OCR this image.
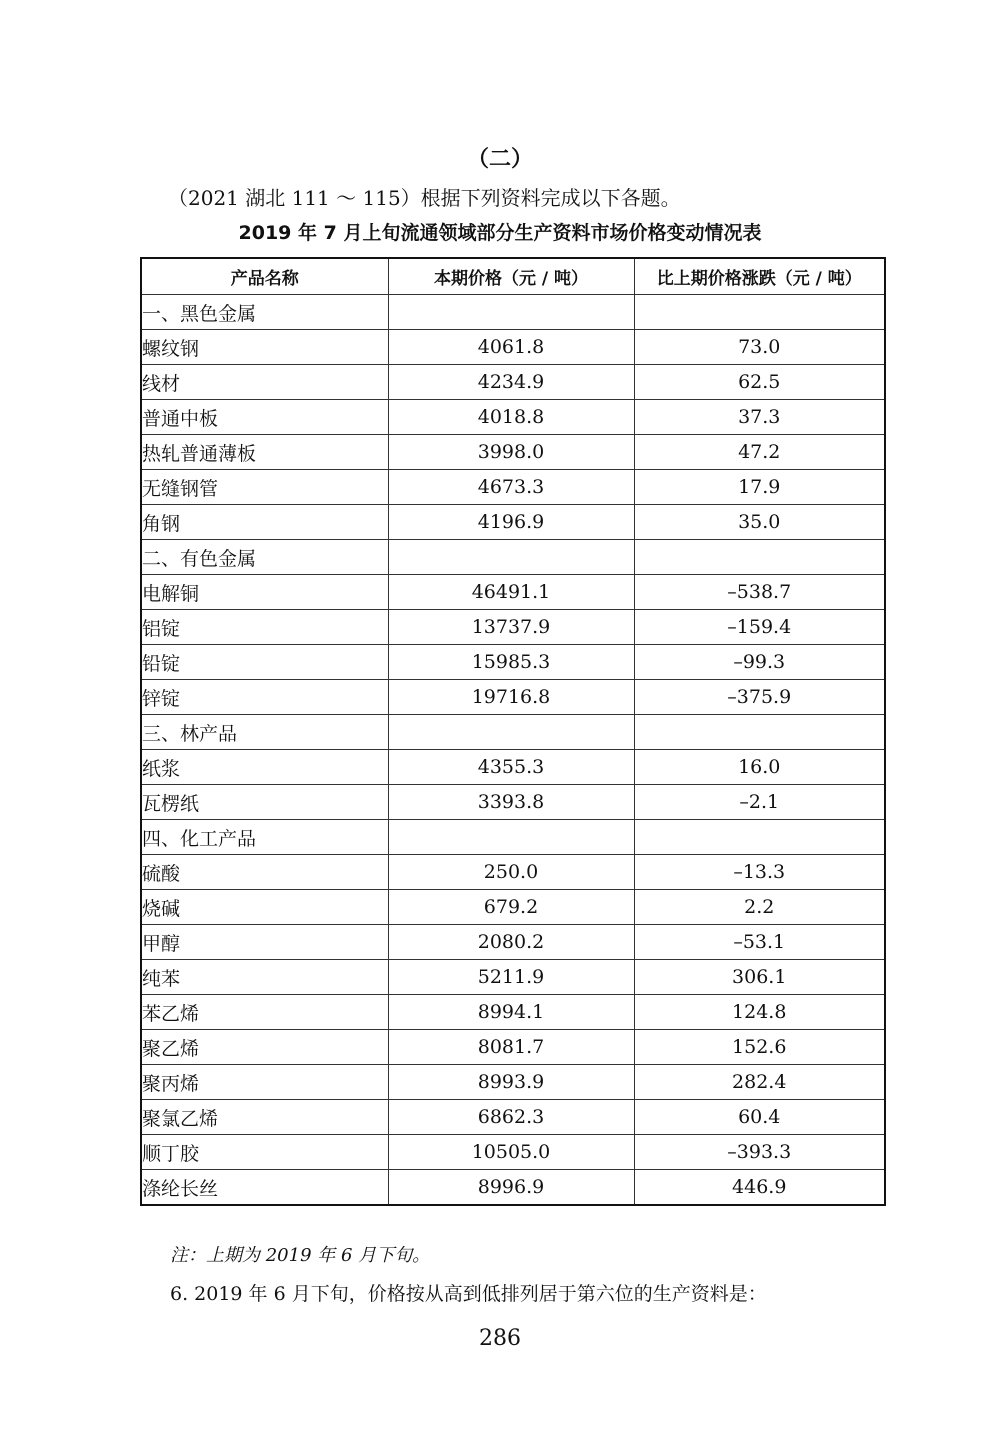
（二）
（2021 湖北 111 ～ 115）根据下列资料完成以下各题。
2019 年 7 月上旬流通领域部分生产资料市场价格变动情况表
产品名称	本期价格（元 / 吨）	比上期价格涨跌（元 / 吨）
一、黑色金属		
螺纹钢	4061.8	73.0
线材	4234.9	62.5
普通中板	4018.8	37.3
热轧普通薄板	3998.0	47.2
无缝钢管	4673.3	17.9
角钢	4196.9	35.0
二、有色金属		
电解铜	46491.1	–538.7
铝锭	13737.9	–159.4
铅锭	15985.3	–99.3
锌锭	19716.8	–375.9
三、林产品		
纸浆	4355.3	16.0
瓦楞纸	3393.8	–2.1
四、化工产品		
硫酸	250.0	–13.3
烧碱	679.2	2.2
甲醇	2080.2	–53.1
纯苯	5211.9	306.1
苯乙烯	8994.1	124.8
聚乙烯	8081.7	152.6
聚丙烯	8993.9	282.4
聚氯乙烯	6862.3	60.4
顺丁胶	10505.0	–393.3
涤纶长丝	8996.9	446.9
注：上期为 2019 年 6 月下旬。
6. 2019 年 6 月下旬，价格按从高到低排列居于第六位的生产资料是：
286
